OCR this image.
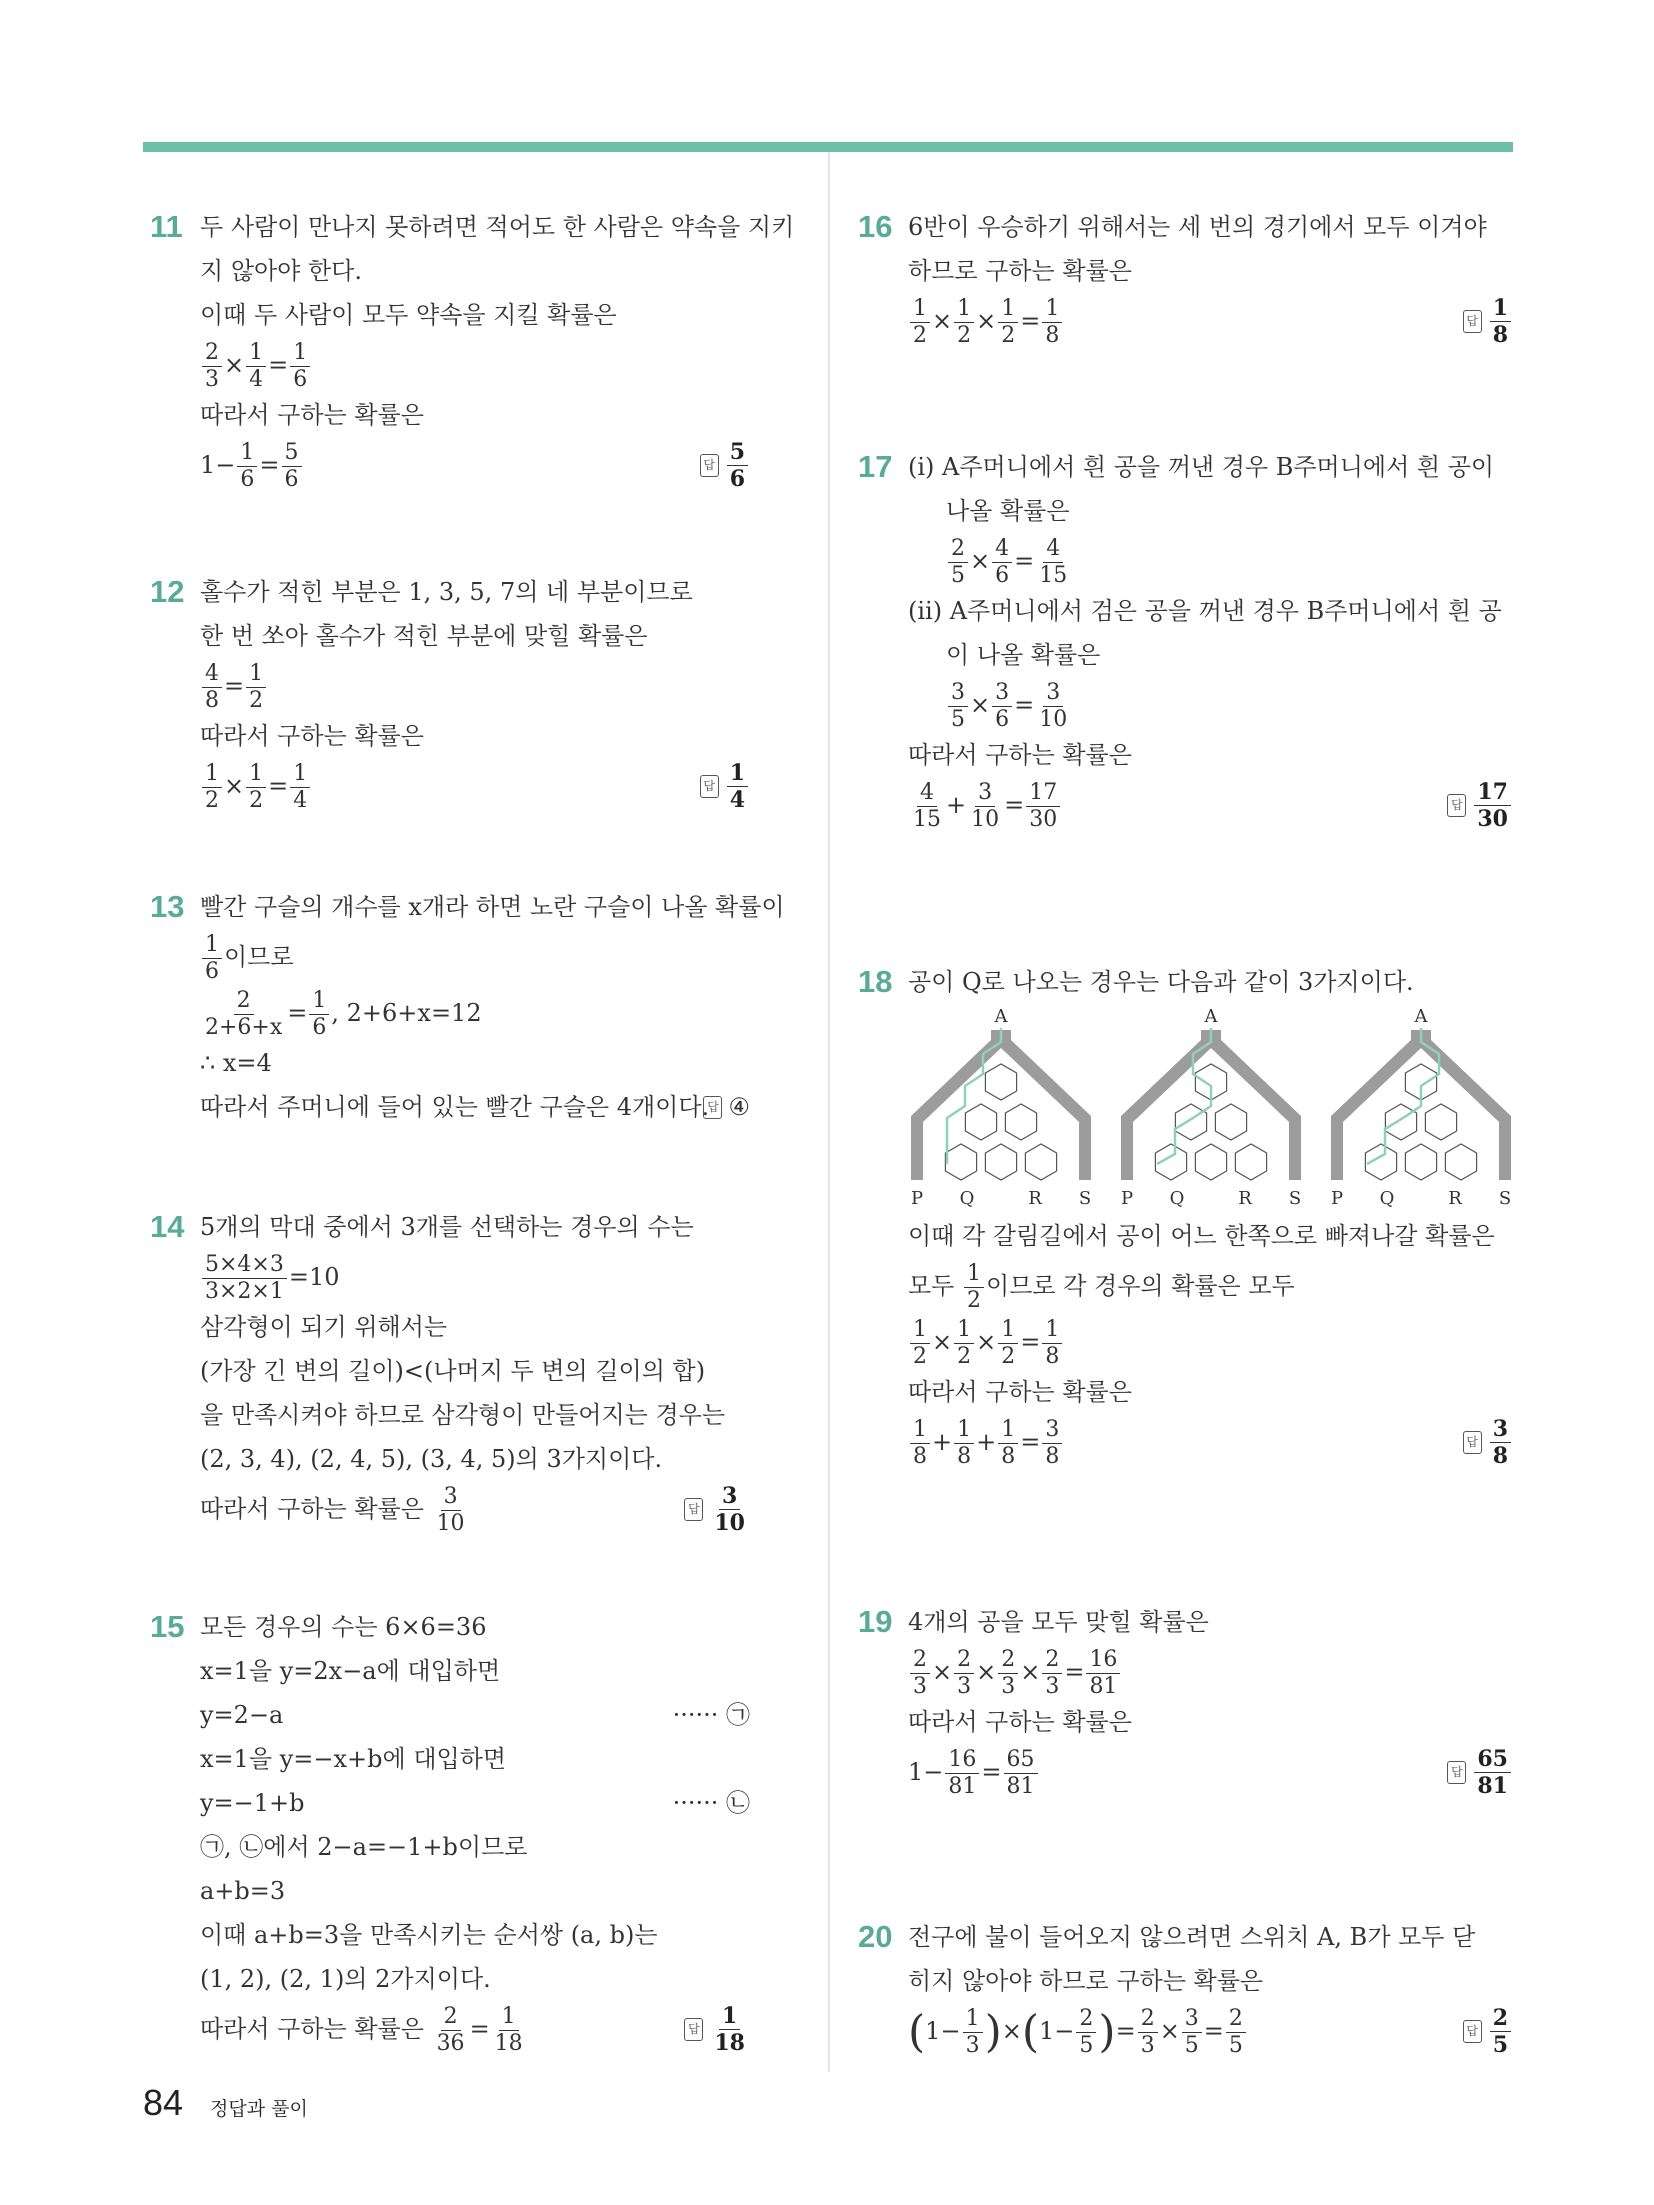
11 두 사람이 만나지 못하려면 적어도 한 사람은 약속을 지키
지 않아야 한다.
이때 두 사람이 모두 약속을 지킬 확률은
$\frac{2}{3} \times \frac{1}{4} = \frac{1}{6}$
따라서 구하는 확률은
$1- \frac{1}{6} = \frac{5}{6}$	답 $\frac{5}{6}$
12 홀수가 적힌 부분은 1, 3, 5, 7의 네 부분이므로
한 번 쏘아 홀수가 적힌 부분에 맞힐 확률은
$\frac{4}{8} = \frac{1}{2}$
따라서 구하는 확률은
$\frac{1}{2} \times \frac{1}{2} = \frac{1}{4}$	답 $\frac{1}{4}$
13 빨간 구슬의 개수를 x개라 하면 노란 구슬이 나올 확률이
$\frac{1}{6}$ 이므로
$\frac{2}{2+6+x} = \frac{1}{6}$ , 2+6+x=12
∴ x=4
따라서 주머니에 들어 있는 빨간 구슬은 4개이다.
답 ④
14 5개의 막대 중에서 3개를 선택하는 경우의 수는
$\frac{5\times 4\times 3}{3\times 2\times 1} =10$
삼각형이 되기 위해서는
(가장 긴 변의 길이)<(나머지 두 변의 길이의 합)
을 만족시켜야 하므로 삼각형이 만들어지는 경우는
(2, 3, 4), (2, 4, 5), (3, 4, 5)의 3가지이다.
따라서 구하는 확률은 $\frac{3}{10}$	답 $\frac{3}{10}$
15 모든 경우의 수는 6×6=36
x=1을 y=2x−a에 대입하면
y=2−a	······ ㉠
x=1을 y=−x+b에 대입하면
y=−1+b	······ ㉡
㉠, ㉡에서 2−a=−1+b이므로
a+b=3
이때 a+b=3을 만족시키는 순서쌍 (a, b)는
(1, 2), (2, 1)의 2가지이다.
따라서 구하는 확률은 $\frac{2}{36} = \frac{1}{18}$	답 $\frac{1}{18}$
16 6반이 우승하기 위해서는 세 번의 경기에서 모두 이겨야
하므로 구하는 확률은
$\frac{1}{2} \times \frac{1}{2} \times \frac{1}{2} = \frac{1}{8}$	답 $\frac{1}{8}$
17 (ⅰ) A주머니에서 흰 공을 꺼낸 경우 B주머니에서 흰 공이
나올 확률은
$\frac{2}{5} \times \frac{4}{6} = \frac{4}{15}$
(ⅱ) A주머니에서 검은 공을 꺼낸 경우 B주머니에서 흰 공
이 나올 확률은
$\frac{3}{5} \times \frac{3}{6} = \frac{3}{10}$
따라서 구하는 확률은
$\frac{4}{15} + \frac{3}{10} = \frac{17}{30}$	답 $\frac{17}{30}$
18 공이 Q로 나오는 경우는 다음과 같이 3가지이다.
A
P Q	R S
A
P Q	R S
A
P Q	R S
이때 각 갈림길에서 공이 어느 한쪽으로 빠져나갈 확률은
모두 $\frac{1}{2}$ 이므로 각 경우의 확률은 모두
$\frac{1}{2} \times \frac{1}{2} \times \frac{1}{2} = \frac{1}{8}$
따라서 구하는 확률은
$\frac{1}{8} + \frac{1}{8} + \frac{1}{8} = \frac{3}{8}$	답 $\frac{3}{8}$
19 4개의 공을 모두 맞힐 확률은
$\frac{2}{3} \times \frac{2}{3} \times \frac{2}{3} \times \frac{2}{3} = \frac{16}{81}$
따라서 구하는 확률은
$1- \frac{16}{81} = \frac{65}{81}$	답 $\frac{65}{81}$
20 전구에 불이 들어오지 않으려면 스위치 A, B가 모두 닫
히지 않아야 하므로 구하는 확률은
$(1- \frac{1}{3} )\times(1- \frac{2}{5}$ )= $\frac{2}{3} \times \frac{3}{5} = \frac{2}{5}$	답 $\frac{2}{5}$
84 정답과 풀이
